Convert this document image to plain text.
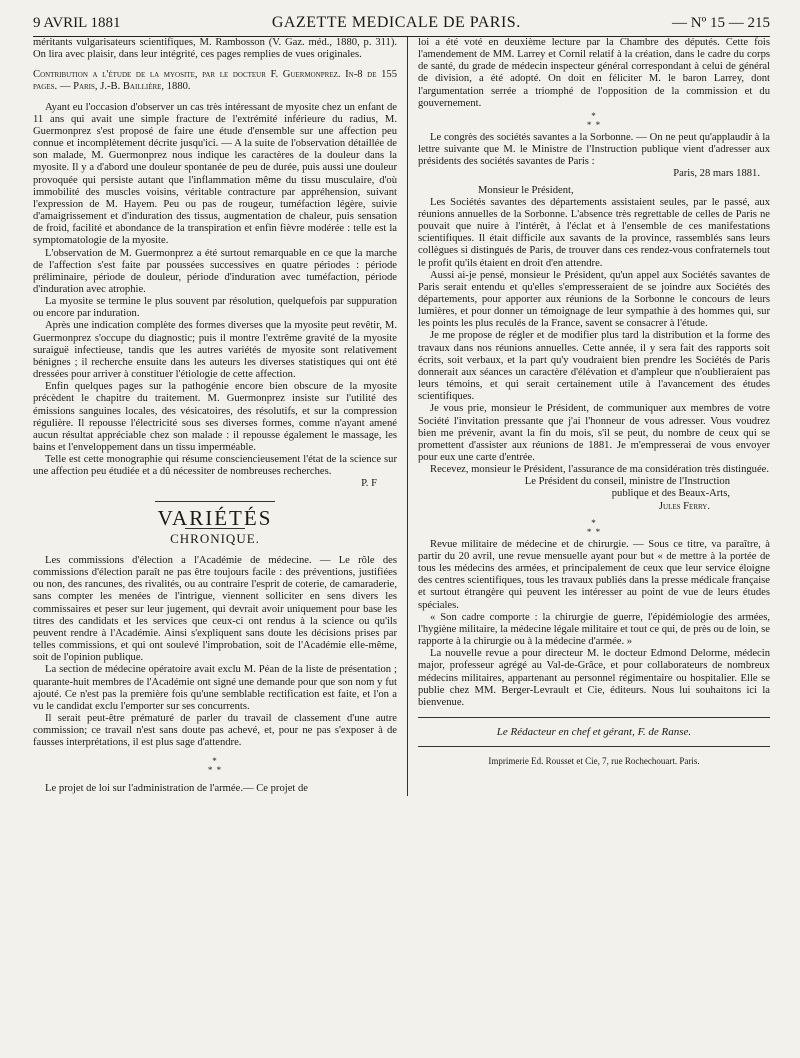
9 AVRIL 1881	GAZETTE MEDICALE DE PARIS.	— Nº 15 — 215

méritants vulgarisateurs scientifiques, M. Rambosson (V. Gaz. méd., 1880, p. 311). On lira avec plaisir, dans leur intégrité, ces pages remplies de vues originales.

Contribution a l'étude de la myosite, par le docteur F. Guermonprez. In-8 de 155 pages. — Paris, J.-B. Baillière, 1880.

Ayant eu l'occasion d'observer un cas très intéressant de myosite chez un enfant de 11 ans qui avait une simple fracture de l'extrémité inférieure du radius, M. Guermonprez s'est proposé de faire une étude d'ensemble sur une affection peu connue et incomplètement décrite jusqu'ici. — A la suite de l'observation détaillée de son malade, M. Guermonprez nous indique les caractères de la douleur dans la myosite. Il y a d'abord une douleur spontanée de peu de durée, puis aussi une douleur provoquée qui persiste autant que l'inflammation même du tissu musculaire, d'où immobilité des muscles voisins, véritable contracture par appréhension, suivant l'expression de M. Hayem. Peu ou pas de rougeur, tuméfaction légère, suivie d'amaigrissement et d'induration des tissus, augmentation de chaleur, puis sensation de froid, facilité et abondance de la transpiration et enfin fièvre modérée : telle est la symptomatologie de la myosite.

L'observation de M. Guermonprez a été surtout remarquable en ce que la marche de l'affection s'est faite par poussées successives en quatre périodes : période préliminaire, période de douleur, période d'induration avec tuméfaction, période d'induration avec atrophie.

La myosite se termine le plus souvent par résolution, quelquefois par suppuration ou encore par induration.

Après une indication complète des formes diverses que la myosite peut revêtir, M. Guermonprez s'occupe du diagnostic; puis il montre l'extrême gravité de la myosite suraiguë infectieuse, tandis que les autres variétés de myosite sont relativement bénignes ; il recherche ensuite dans les auteurs les diverses statistiques qui ont été dressées pour arriver à constituer l'étiologie de cette affection.

Enfin quelques pages sur la pathogénie encore bien obscure de la myosite précèdent le chapitre du traitement. M. Guermonprez insiste sur l'utilité des émissions sanguines locales, des vésicatoires, des résolutifs, et sur la compression régulière. Il repousse l'électricité sous ses diverses formes, comme n'ayant amené aucun résultat appréciable chez son malade : il repousse également le massage, les bains et l'enveloppement dans un tissu imperméable.

Telle est cette monographie qui résume consciencieusement l'état de la science sur une affection peu étudiée et a dû nécessiter de nombreuses recherches.

P. F
VARIÉTÉS
CHRONIQUE.

Les commissions d'élection a l'Académie de médecine. — Le rôle des commissions d'élection paraît ne pas être toujours facile : des préventions, justifiées ou non, des rancunes, des rivalités, ou au contraire l'esprit de coterie, de camaraderie, sans compter les menées de l'intrigue, viennent solliciter en sens divers les commissaires et peser sur leur jugement, qui devrait avoir uniquement pour base les titres des candidats et les services que ceux-ci ont rendus à la science ou qu'ils peuvent rendre à l'Académie. Ainsi s'expliquent sans doute les décisions prises par telles commissions, et qui ont soulevé l'improbation, soit de l'Académie elle-même, soit de l'opinion publique.

La section de médecine opératoire avait exclu M. Péan de la liste de présentation ; quarante-huit membres de l'Académie ont signé une demande pour que son nom y fut ajouté. Ce n'est pas la première fois qu'une semblable rectification est faite, et l'on a vu le candidat exclu l'emporter sur ses concurrents.

Il serait peut-être prématuré de parler du travail de classement d'une autre commission; ce travail n'est sans doute pas achevé, et, pour ne pas s'exposer à de fausses interprétations, il est plus sage d'attendre.

*
* *

Le projet de loi sur l'administration de l'armée.— Ce projet de

loi a été voté en deuxième lecture par la Chambre des députés. Cette fois l'amendement de MM. Larrey et Cornil relatif à la création, dans le cadre du corps de santé, du grade de médecin inspecteur général correspondant à celui de général de division, a été adopté. On doit en féliciter M. le baron Larrey, dont l'argumentation serrée a triomphé de l'opposition de la commission et du gouvernement.

*
* *

Le congrès des sociétés savantes a la Sorbonne. — On ne peut qu'applaudir à la lettre suivante que M. le Ministre de l'Instruction publique vient d'adresser aux présidents des sociétés savantes de Paris :

Paris, 28 mars 1881.

Monsieur le Président,

Les Sociétés savantes des départements assistaient seules, par le passé, aux réunions annuelles de la Sorbonne. L'absence très regrettable de celles de Paris ne pouvait que nuire à l'intérêt, à l'éclat et à l'ensemble de ces manifestations scientifiques. Il était difficile aux savants de la province, rassemblés sans leurs collègues si distingués de Paris, de trouver dans ces rendez-vous confraternels tout le profit qu'ils étaient en droit d'en attendre.

Aussi ai-je pensé, monsieur le Président, qu'un appel aux Sociétés savantes de Paris serait entendu et qu'elles s'empresseraient de se joindre aux Sociétés des départements, pour apporter aux réunions de la Sorbonne le concours de leurs lumières, et pour donner un témoignage de leur sympathie à des hommes qui, sur les points les plus reculés de la France, savent se consacrer à l'étude.

Je me propose de régler et de modifier plus tard la distribution et la forme des travaux dans nos réunions annuelles. Cette année, il y sera fait des rapports soit écrits, soit verbaux, et la part qu'y voudraient bien prendre les Sociétés de Paris donnerait aux séances un caractère d'élévation et d'ampleur que n'oublieraient pas leurs témoins, et qui serait certainement utile à l'avancement des études scientifiques.

Je vous prie, monsieur le Président, de communiquer aux membres de votre Société l'invitation pressante que j'ai l'honneur de vous adresser. Vous voudrez bien me prévenir, avant la fin du mois, s'il se peut, du nombre de ceux qui se promettent d'assister aux réunions de 1881. Je m'empresserai de vous envoyer pour eux une carte d'entrée.

Recevez, monsieur le Président, l'assurance de ma considération très distinguée.

Le Président du conseil, ministre de l'Instruction

publique et des Beaux-Arts,

Jules Ferry.

*
* *

Revue militaire de médecine et de chirurgie. — Sous ce titre, va paraître, à partir du 20 avril, une revue mensuelle ayant pour but « de mettre à la portée de tous les médecins des armées, et principalement de ceux que leur service éloigne des centres scientifiques, tous les travaux publiés dans la presse médicale française et surtout étrangère qui peuvent les intéresser au point de vue de leurs études spéciales.

« Son cadre comporte : la chirurgie de guerre, l'épidémiologie des armées, l'hygiène militaire, la médecine légale militaire et tout ce qui, de près ou de loin, se rapporte à la chirurgie ou à la médecine d'armée. »

La nouvelle revue a pour directeur M. le docteur Edmond Delorme, médecin major, professeur agrégé au Val-de-Grâce, et pour collaborateurs de nombreux médecins militaires, appartenant au personnel régimentaire ou hospitalier. Elle se publie chez MM. Berger-Levrault et Cie, éditeurs. Nous lui souhaitons ici la bienvenue.

Le Rédacteur en chef et gérant, F. de Ranse.

Imprimerie Ed. Rousset et Cie, 7, rue Rochechouart. Paris.
